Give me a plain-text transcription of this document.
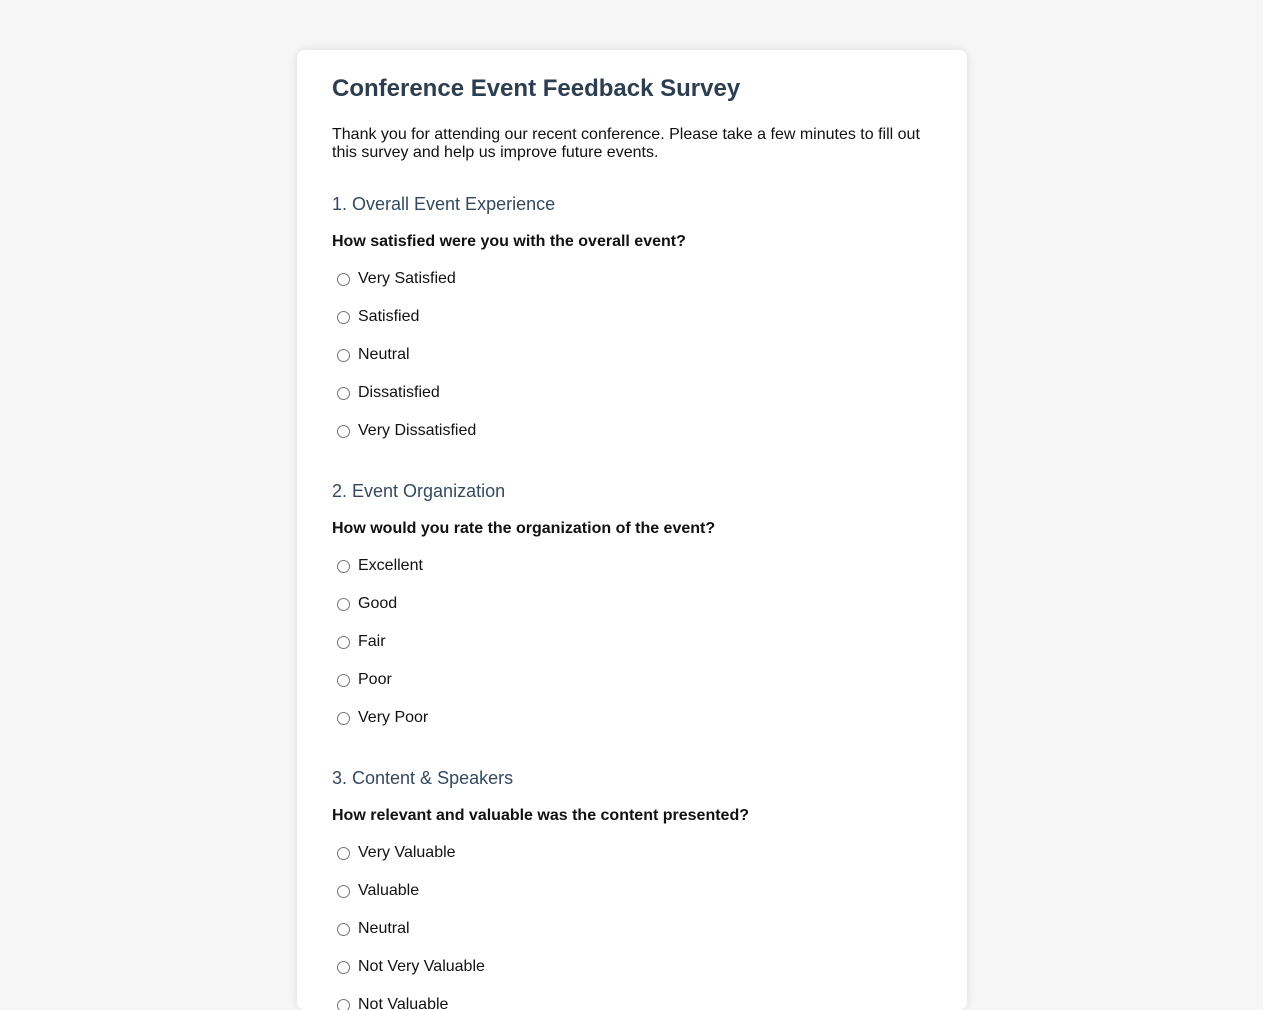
Conference Event Feedback Survey

Thank you for attending our recent conference. Please take a few minutes to fill out this survey and help us improve future events.

1. Overall Event Experience

How satisfied were you with the overall event?

Very Satisfied
Satisfied
Neutral
Dissatisfied
Very Dissatisfied
2. Event Organization

How would you rate the organization of the event?

Excellent
Good
Fair
Poor
Very Poor
3. Content & Speakers

How relevant and valuable was the content presented?

Very Valuable
Valuable
Neutral
Not Very Valuable
Not Valuable
